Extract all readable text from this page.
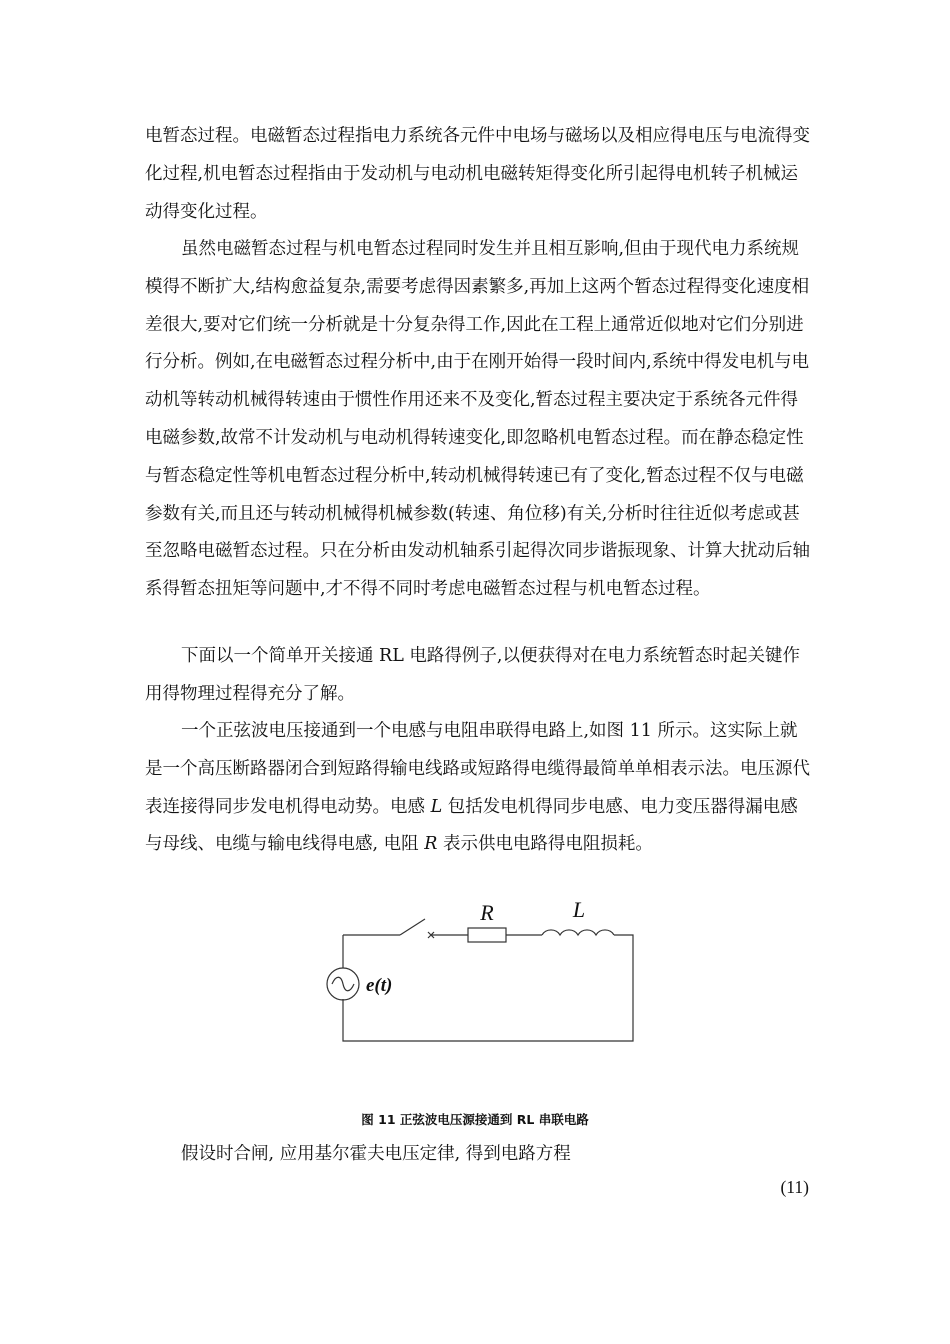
电暂态过程。电磁暂态过程指电力系统各元件中电场与磁场以及相应得电压与电流得变化过程,机电暂态过程指由于发动机与电动机电磁转矩得变化所引起得电机转子机械运动得变化过程。

虽然电磁暂态过程与机电暂态过程同时发生并且相互影响,但由于现代电力系统规模得不断扩大,结构愈益复杂,需要考虑得因素繁多,再加上这两个暂态过程得变化速度相差很大,要对它们统一分析就是十分复杂得工作,因此在工程上通常近似地对它们分别进行分析。例如,在电磁暂态过程分析中,由于在刚开始得一段时间内,系统中得发电机与电动机等转动机械得转速由于惯性作用还来不及变化,暂态过程主要决定于系统各元件得电磁参数,故常不计发动机与电动机得转速变化,即忽略机电暂态过程。而在静态稳定性与暂态稳定性等机电暂态过程分析中,转动机械得转速已有了变化,暂态过程不仅与电磁参数有关,而且还与转动机械得机械参数(转速、角位移)有关,分析时往往近似考虑或甚至忽略电磁暂态过程。只在分析由发动机轴系引起得次同步谐振现象、计算大扰动后轴系得暂态扭矩等问题中,才不得不同时考虑电磁暂态过程与机电暂态过程。

下面以一个简单开关接通 RL 电路得例子,以便获得对在电力系统暂态时起关键作用得物理过程得充分了解。

一个正弦波电压接通到一个电感与电阻串联得电路上,如图 11 所示。这实际上就是一个高压断路器闭合到短路得输电线路或短路得电缆得最简单单相表示法。电压源代表连接得同步发电机得电动势。电感 L 包括发电机得同步电感、电力变压器得漏电感与母线、电缆与输电线得电感, 电阻 R 表示供电电路得电阻损耗。

R	L
e(t)
图 11 正弦波电压源接通到 RL 串联电路

假设时合闸, 应用基尔霍夫电压定律, 得到电路方程

(11)
